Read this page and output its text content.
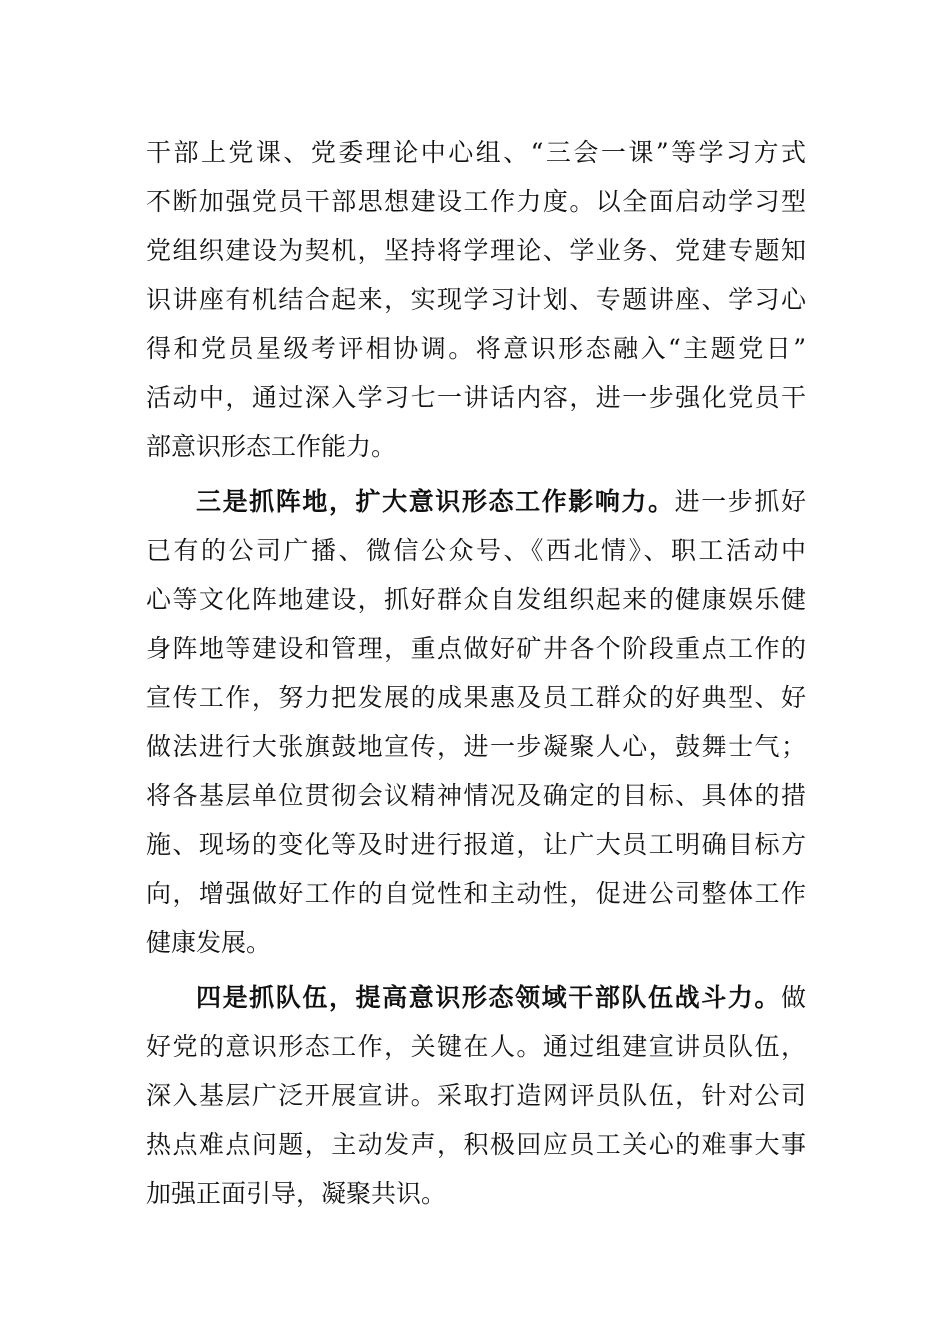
干部上党课、党委理论中心组、“三会一课”等学习方式
不断加强党员干部思想建设工作力度。以全面启动学习型
党组织建设为契机，坚持将学理论、学业务、党建专题知
识讲座有机结合起来，实现学习计划、专题讲座、学习心
得和党员星级考评相协调。将意识形态融入“主题党日”
活动中，通过深入学习七一讲话内容，进一步强化党员干
部意识形态工作能力。
三是抓阵地，扩大意识形态工作影响力。进一步抓好
已有的公司广播、微信公众号、《西北情》、职工活动中
心等文化阵地建设，抓好群众自发组织起来的健康娱乐健
身阵地等建设和管理，重点做好矿井各个阶段重点工作的
宣传工作，努力把发展的成果惠及员工群众的好典型、好
做法进行大张旗鼓地宣传，进一步凝聚人心，鼓舞士气；
将各基层单位贯彻会议精神情况及确定的目标、具体的措
施、现场的变化等及时进行报道，让广大员工明确目标方
向，增强做好工作的自觉性和主动性，促进公司整体工作
健康发展。
四是抓队伍，提高意识形态领域干部队伍战斗力。做
好党的意识形态工作，关键在人。通过组建宣讲员队伍，
深入基层广泛开展宣讲。采取打造网评员队伍，针对公司
热点难点问题，主动发声，积极回应员工关心的难事大事
加强正面引导，凝聚共识。
